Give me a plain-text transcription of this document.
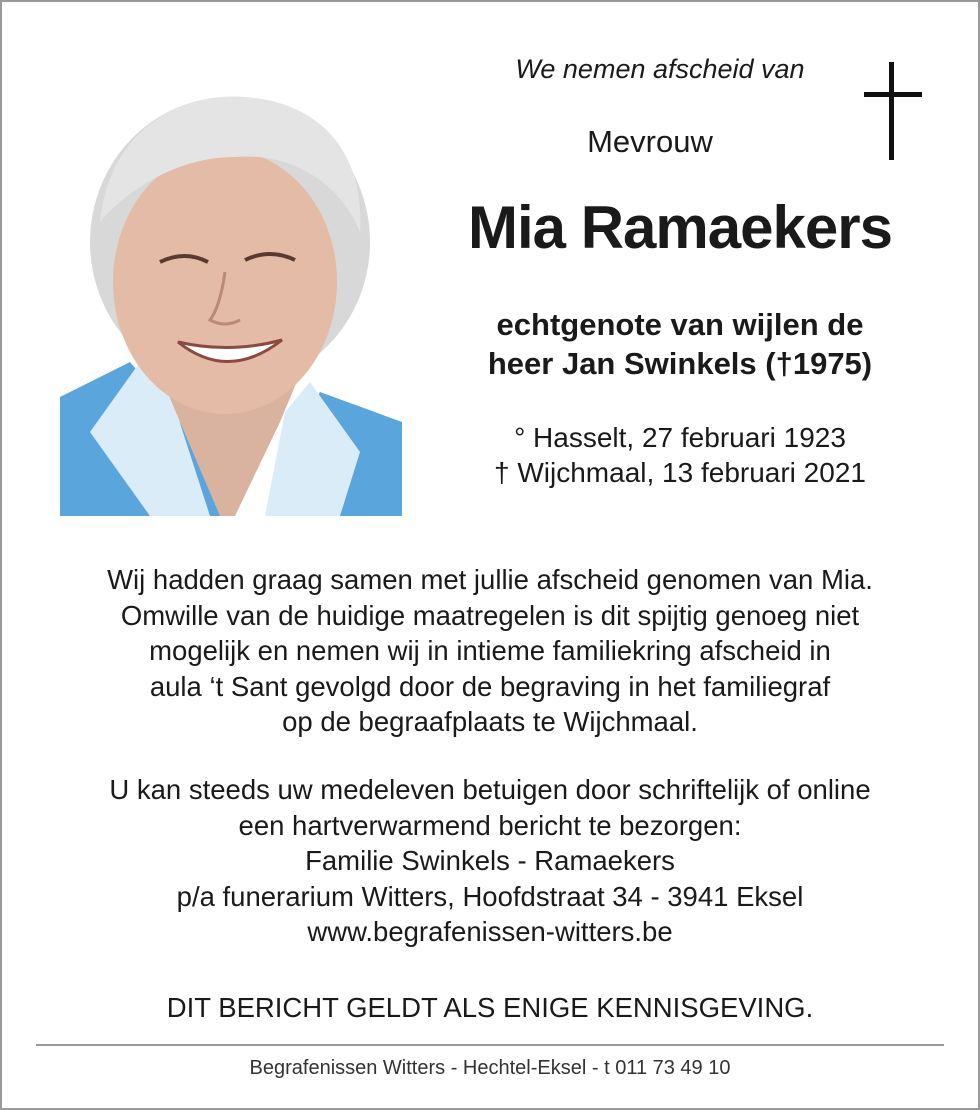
We nemen afscheid van
Mevrouw
Mia Ramaekers
echtgenote van wijlen de
heer Jan Swinkels (†1975)
° Hasselt, 27 februari 1923
† Wijchmaal, 13 februari 2021
Wij hadden graag samen met jullie afscheid genomen van Mia.
Omwille van de huidige maatregelen is dit spijtig genoeg niet
mogelijk en nemen wij in intieme familiekring afscheid in
aula ‘t Sant gevolgd door de begraving in het familiegraf
op de begraafplaats te Wijchmaal.
U kan steeds uw medeleven betuigen door schriftelijk of online
een hartverwarmend bericht te bezorgen:
Familie Swinkels - Ramaekers
p/a funerarium Witters, Hoofdstraat 34 - 3941 Eksel
www.begrafenissen-witters.be
DIT BERICHT GELDT ALS ENIGE KENNISGEVING.
Begrafenissen Witters - Hechtel-Eksel - t 011 73 49 10
